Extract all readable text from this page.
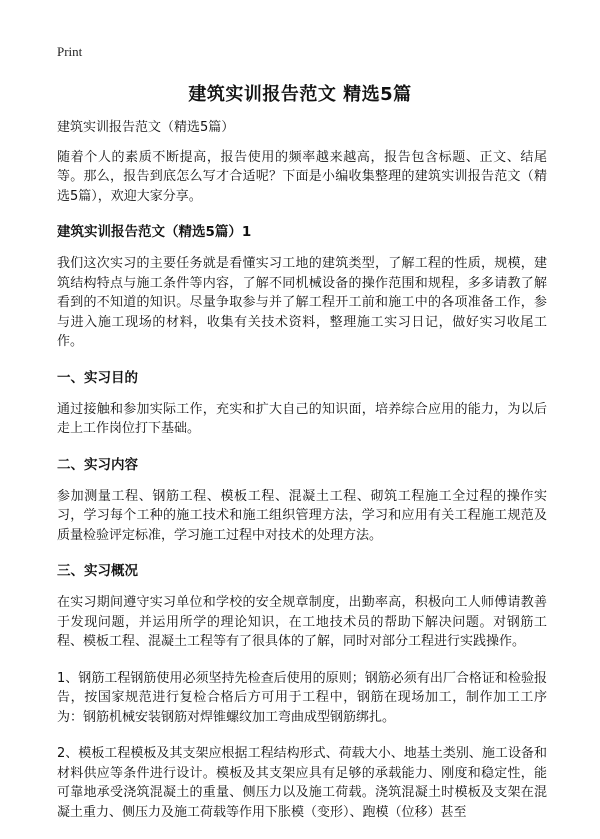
Print
建筑实训报告范文 精选5篇

建筑实训报告范文（精选5篇）

随着个人的素质不断提高，报告使用的频率越来越高，报告包含标题、正文、结尾等。那么，报告到底怎么写才合适呢？下面是小编收集整理的建筑实训报告范文（精选5篇），欢迎大家分享。

建筑实训报告范文（精选5篇）1

我们这次实习的主要任务就是看懂实习工地的建筑类型，了解工程的性质，规模，建筑结构特点与施工条件等内容，了解不同机械设备的操作范围和规程，多多请教了解看到的不知道的知识。尽量争取参与并了解工程开工前和施工中的各项准备工作，参与进入施工现场的材料，收集有关技术资料，整理施工实习日记，做好实习收尾工作。

一、实习目的

通过接触和参加实际工作，充实和扩大自己的知识面，培养综合应用的能力，为以后走上工作岗位打下基础。

二、实习内容

参加测量工程、钢筋工程、模板工程、混凝土工程、砌筑工程施工全过程的操作实习，学习每个工种的施工技术和施工组织管理方法，学习和应用有关工程施工规范及质量检验评定标准，学习施工过程中对技术的处理方法。

三、实习概况

在实习期间遵守实习单位和学校的安全规章制度，出勤率高，积极向工人师傅请教善于发现问题，并运用所学的理论知识，在工地技术员的帮助下解决问题。对钢筋工程、模板工程、混凝土工程等有了很具体的了解，同时对部分工程进行实践操作。

1、钢筋工程钢筋使用必须坚持先检查后使用的原则；钢筋必须有出厂合格证和检验报告，按国家规范进行复检合格后方可用于工程中，钢筋在现场加工，制作加工工序为：钢筋机械安装钢筋对焊锥螺纹加工弯曲成型钢筋绑扎。

2、模板工程模板及其支架应根据工程结构形式、荷载大小、地基土类别、施工设备和材料供应等条件进行设计。模板及其支架应具有足够的承载能力、刚度和稳定性，能可靠地承受浇筑混凝土的重量、侧压力以及施工荷载。浇筑混凝土时模板及支架在混凝土重力、侧压力及施工荷载等作用下胀模（变形）、跑模（位移）甚至
